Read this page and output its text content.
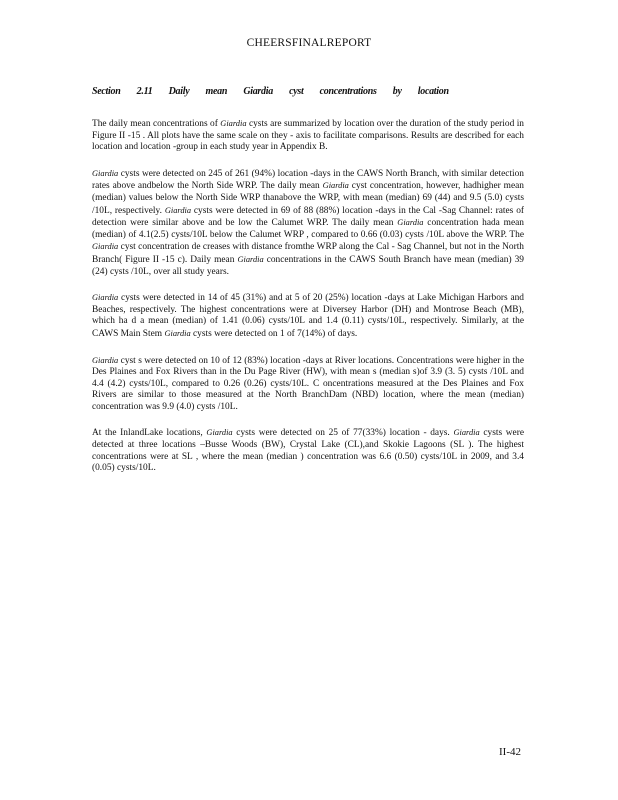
CHEERSFINALREPORT
Section 2.11 Daily mean Giardia cyst concentrations by location

The daily mean concentrations of Giardia cysts are summarized by location over the duration of the study period in Figure II -15 . All plots have the same scale on they - axis to facilitate comparisons. Results are described for each location and location -group in each study year in Appendix B.

Giardia cysts were detected on 245 of 261 (94%) location -days in the CAWS North Branch, with similar detection rates above andbelow the North Side WRP. The daily mean Giardia cyst concentration, however, hadhigher mean (median) values below the North Side WRP thanabove the WRP, with mean (median) 69 (44) and 9.5 (5.0) cysts /10L, respectively. Giardia cysts were detected in 69 of 88 (88%) location -days in the Cal -Sag Channel: rates of detection were similar above and be low the Calumet WRP. The daily mean Giardia concentration hada mean (median) of 4.1(2.5) cysts/10L below the Calumet WRP , compared to 0.66 (0.03) cysts /10L above the WRP. The Giardia cyst concentration de creases with distance fromthe WRP along the Cal - Sag Channel, but not in the North Branch( Figure II -15 c). Daily mean Giardia concentrations in the CAWS South Branch have mean (median) 39 (24) cysts /10L, over all study years.

Giardia cysts were detected in 14 of 45 (31%) and at 5 of 20 (25%) location -days at Lake Michigan Harbors and Beaches, respectively. The highest concentrations were at Diversey Harbor (DH) and Montrose Beach (MB), which ha d a mean (median) of 1.41 (0.06) cysts/10L and 1.4 (0.11) cysts/10L, respectively. Similarly, at the CAWS Main Stem Giardia cysts were detected on 1 of 7(14%) of days.

Giardia cyst s were detected on 10 of 12 (83%) location -days at River locations. Concentrations were higher in the Des Plaines and Fox Rivers than in the Du Page River (HW), with mean s (median s)of 3.9 (3. 5) cysts /10L and 4.4 (4.2) cysts/10L, compared to 0.26 (0.26) cysts/10L. C oncentrations measured at the Des Plaines and Fox Rivers are similar to those measured at the North BranchDam (NBD) location, where the mean (median) concentration was 9.9 (4.0) cysts /10L.

At the InlandLake locations, Giardia cysts were detected on 25 of 77(33%) location - days. Giardia cysts were detected at three locations –Busse Woods (BW), Crystal Lake (CL),and Skokie Lagoons (SL ). The highest concentrations were at SL , where the mean (median ) concentration was 6.6 (0.50) cysts/10L in 2009, and 3.4 (0.05) cysts/10L.

II-42
